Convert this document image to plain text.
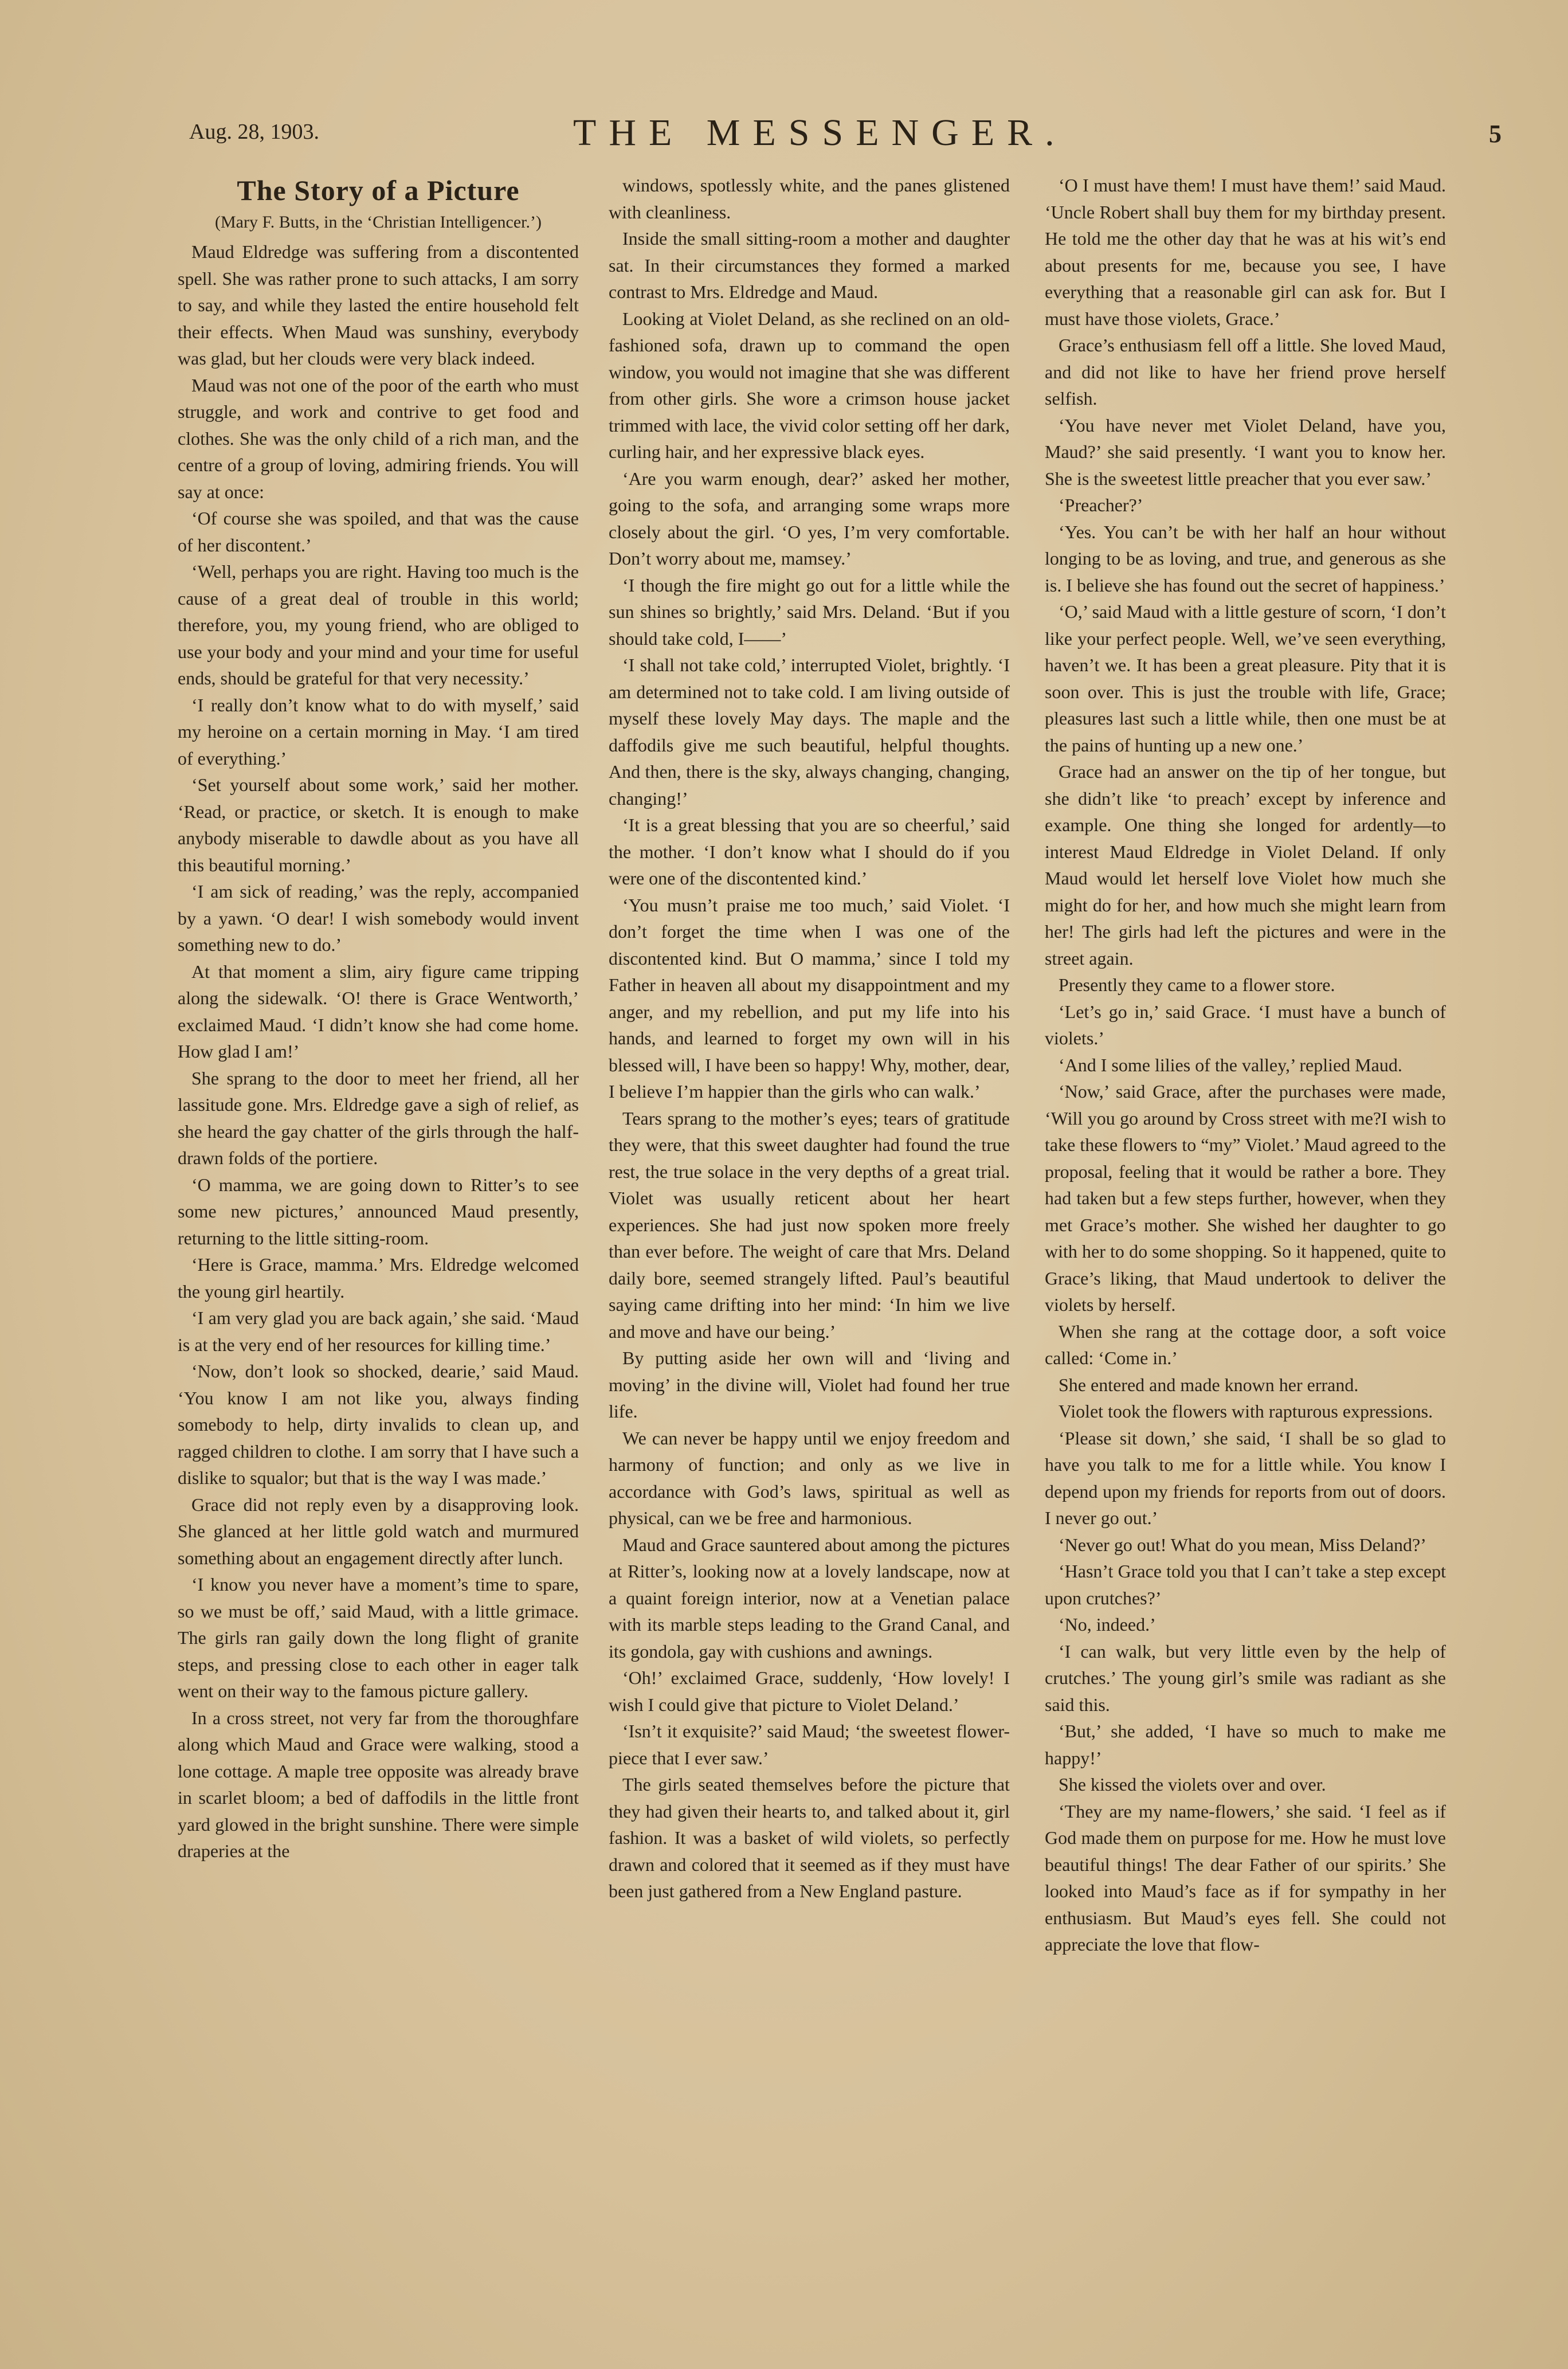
Aug. 28, 1903.	THE MESSENGER.	5
The Story of a Picture
(Mary F. Butts, in the ‘Christian Intelligencer.’)

Maud Eldredge was suffering from a discontented spell. She was rather prone to such attacks, I am sorry to say, and while they lasted the entire household felt their effects. When Maud was sunshiny, everybody was glad, but her clouds were very black indeed.

Maud was not one of the poor of the earth who must struggle, and work and contrive to get food and clothes. She was the only child of a rich man, and the centre of a group of loving, admiring friends. You will say at once:

‘Of course she was spoiled, and that was the cause of her discontent.’

‘Well, perhaps you are right. Having too much is the cause of a great deal of trouble in this world; therefore, you, my young friend, who are obliged to use your body and your mind and your time for useful ends, should be grateful for that very necessity.’

‘I really don’t know what to do with myself,’ said my heroine on a certain morning in May. ‘I am tired of everything.’

‘Set yourself about some work,’ said her mother. ‘Read, or practice, or sketch. It is enough to make anybody miserable to dawdle about as you have all this beautiful morning.’

‘I am sick of reading,’ was the reply, accompanied by a yawn. ‘O dear! I wish somebody would invent something new to do.’

At that moment a slim, airy figure came tripping along the sidewalk. ‘O! there is Grace Wentworth,’ exclaimed Maud. ‘I didn’t know she had come home. How glad I am!’

She sprang to the door to meet her friend, all her lassitude gone. Mrs. Eldredge gave a sigh of relief, as she heard the gay chatter of the girls through the half-drawn folds of the portiere.

‘O mamma, we are going down to Ritter’s to see some new pictures,’ announced Maud presently, returning to the little sitting-room.

‘Here is Grace, mamma.’ Mrs. Eldredge welcomed the young girl heartily.

‘I am very glad you are back again,’ she said. ‘Maud is at the very end of her resources for killing time.’

‘Now, don’t look so shocked, dearie,’ said Maud. ‘You know I am not like you, always finding somebody to help, dirty invalids to clean up, and ragged children to clothe. I am sorry that I have such a dislike to squalor; but that is the way I was made.’

Grace did not reply even by a disapproving look. She glanced at her little gold watch and murmured something about an engagement directly after lunch.

‘I know you never have a moment’s time to spare, so we must be off,’ said Maud, with a little grimace. The girls ran gaily down the long flight of granite steps, and pressing close to each other in eager talk went on their way to the famous picture gallery.

In a cross street, not very far from the thoroughfare along which Maud and Grace were walking, stood a lone cottage. A maple tree opposite was already brave in scarlet bloom; a bed of daffodils in the little front yard glowed in the bright sunshine. There were simple draperies at the

windows, spotlessly white, and the panes glistened with cleanliness.

Inside the small sitting-room a mother and daughter sat. In their circumstances they formed a marked contrast to Mrs. Eldredge and Maud.

Looking at Violet Deland, as she reclined on an old-fashioned sofa, drawn up to command the open window, you would not imagine that she was different from other girls. She wore a crimson house jacket trimmed with lace, the vivid color setting off her dark, curling hair, and her expressive black eyes.

‘Are you warm enough, dear?’ asked her mother, going to the sofa, and arranging some wraps more closely about the girl. ‘O yes, I’m very comfortable. Don’t worry about me, mamsey.’

‘I though the fire might go out for a little while the sun shines so brightly,’ said Mrs. Deland. ‘But if you should take cold, I——’

‘I shall not take cold,’ interrupted Violet, brightly. ‘I am determined not to take cold. I am living outside of myself these lovely May days. The maple and the daffodils give me such beautiful, helpful thoughts. And then, there is the sky, always changing, changing, changing!’

‘It is a great blessing that you are so cheerful,’ said the mother. ‘I don’t know what I should do if you were one of the discontented kind.’

‘You musn’t praise me too much,’ said Violet. ‘I don’t forget the time when I was one of the discontented kind. But O mamma,’ since I told my Father in heaven all about my disappointment and my anger, and my rebellion, and put my life into his hands, and learned to forget my own will in his blessed will, I have been so happy! Why, mother, dear, I believe I’m happier than the girls who can walk.’

Tears sprang to the mother’s eyes; tears of gratitude they were, that this sweet daughter had found the true rest, the true solace in the very depths of a great trial. Violet was usually reticent about her heart experiences. She had just now spoken more freely than ever before. The weight of care that Mrs. Deland daily bore, seemed strangely lifted. Paul’s beautiful saying came drifting into her mind: ‘In him we live and move and have our being.’

By putting aside her own will and ‘living and moving’ in the divine will, Violet had found her true life.

We can never be happy until we enjoy freedom and harmony of function; and only as we live in accordance with God’s laws, spiritual as well as physical, can we be free and harmonious.

Maud and Grace sauntered about among the pictures at Ritter’s, looking now at a lovely landscape, now at a quaint foreign interior, now at a Venetian palace with its marble steps leading to the Grand Canal, and its gondola, gay with cushions and awnings.

‘Oh!’ exclaimed Grace, suddenly, ‘How lovely! I wish I could give that picture to Violet Deland.’

‘Isn’t it exquisite?’ said Maud; ‘the sweetest flower-piece that I ever saw.’

The girls seated themselves before the picture that they had given their hearts to, and talked about it, girl fashion. It was a basket of wild violets, so perfectly drawn and colored that it seemed as if they must have been just gathered from a New England pasture.

‘O I must have them! I must have them!’ said Maud. ‘Uncle Robert shall buy them for my birthday present. He told me the other day that he was at his wit’s end about presents for me, because you see, I have everything that a reasonable girl can ask for. But I must have those violets, Grace.’

Grace’s enthusiasm fell off a little. She loved Maud, and did not like to have her friend prove herself selfish.

‘You have never met Violet Deland, have you, Maud?’ she said presently. ‘I want you to know her. She is the sweetest little preacher that you ever saw.’

‘Preacher?’

‘Yes. You can’t be with her half an hour without longing to be as loving, and true, and generous as she is. I believe she has found out the secret of happiness.’

‘O,’ said Maud with a little gesture of scorn, ‘I don’t like your perfect people. Well, we’ve seen everything, haven’t we. It has been a great pleasure. Pity that it is soon over. This is just the trouble with life, Grace; pleasures last such a little while, then one must be at the pains of hunting up a new one.’

Grace had an answer on the tip of her tongue, but she didn’t like ‘to preach’ except by inference and example. One thing she longed for ardently—to interest Maud Eldredge in Violet Deland. If only Maud would let herself love Violet how much she might do for her, and how much she might learn from her! The girls had left the pictures and were in the street again.

Presently they came to a flower store.

‘Let’s go in,’ said Grace. ‘I must have a bunch of violets.’

‘And I some lilies of the valley,’ replied Maud.

‘Now,’ said Grace, after the purchases were made, ‘Will you go around by Cross street with me?I wish to take these flowers to “my” Violet.’ Maud agreed to the proposal, feeling that it would be rather a bore. They had taken but a few steps further, however, when they met Grace’s mother. She wished her daughter to go with her to do some shopping. So it happened, quite to Grace’s liking, that Maud undertook to deliver the violets by herself.

When she rang at the cottage door, a soft voice called: ‘Come in.’

She entered and made known her errand.

Violet took the flowers with rapturous expressions.

‘Please sit down,’ she said, ‘I shall be so glad to have you talk to me for a little while. You know I depend upon my friends for reports from out of doors. I never go out.’

‘Never go out! What do you mean, Miss Deland?’

‘Hasn’t Grace told you that I can’t take a step except upon crutches?’

‘No, indeed.’

‘I can walk, but very little even by the help of crutches.’ The young girl’s smile was radiant as she said this.

‘But,’ she added, ‘I have so much to make me happy!’

She kissed the violets over and over.

‘They are my name-flowers,’ she said. ‘I feel as if God made them on purpose for me. How he must love beautiful things! The dear Father of our spirits.’ She looked into Maud’s face as if for sympathy in her enthusiasm. But Maud’s eyes fell. She could not appreciate the love that flow-
